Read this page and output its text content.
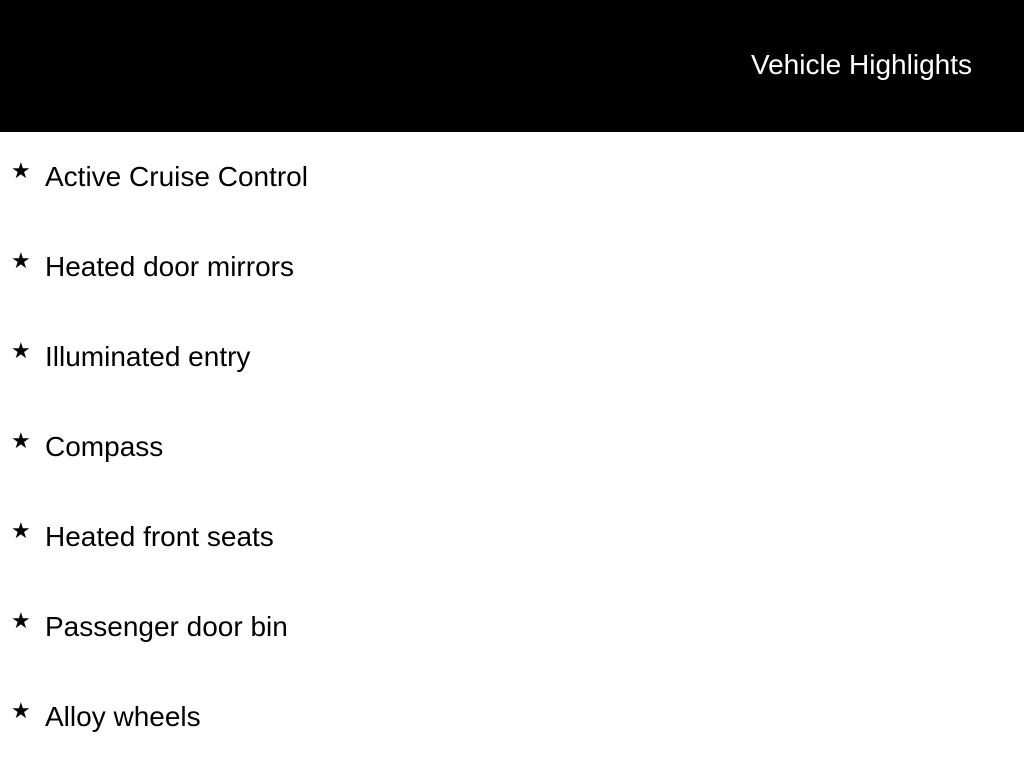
Vehicle Highlights
★ Active Cruise Control
★ Heated door mirrors
★ Illuminated entry
★ Compass
★ Heated front seats
★ Passenger door bin
★ Alloy wheels
